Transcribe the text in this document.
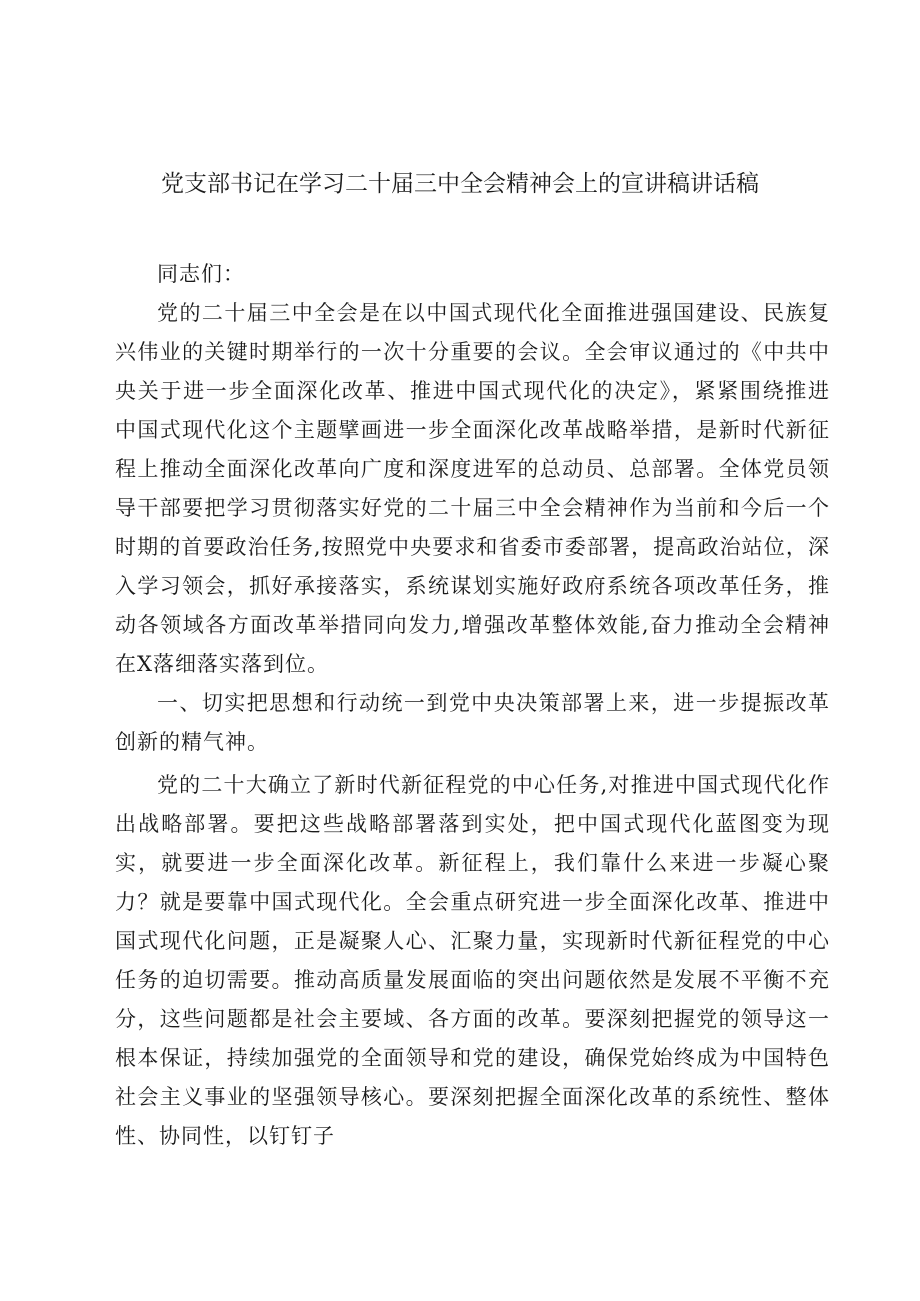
党支部书记在学习二十届三中全会精神会上的宣讲稿讲话稿

同志们：

党的二十届三中全会是在以中国式现代化全面推进强国建设、民族复兴伟业的关键时期举行的一次十分重要的会议。全会审议通过的《中共中央关于进一步全面深化改革、推进中国式现代化的决定》，紧紧围绕推进中国式现代化这个主题擘画进一步全面深化改革战略举措，是新时代新征程上推动全面深化改革向广度和深度进军的总动员、总部署。全体党员领导干部要把学习贯彻落实好党的二十届三中全会精神作为当前和今后一个时期的首要政治任务,按照党中央要求和省委市委部署，提高政治站位，深入学习领会，抓好承接落实，系统谋划实施好政府系统各项改革任务，推动各领域各方面改革举措同向发力,增强改革整体效能,奋力推动全会精神在X落细落实落到位。

一、切实把思想和行动统一到党中央决策部署上来，进一步提振改革创新的精气神。

党的二十大确立了新时代新征程党的中心任务,对推进中国式现代化作出战略部署。要把这些战略部署落到实处，把中国式现代化蓝图变为现实，就要进一步全面深化改革。新征程上，我们靠什么来进一步凝心聚力？就是要靠中国式现代化。全会重点研究进一步全面深化改革、推进中国式现代化问题，正是凝聚人心、汇聚力量，实现新时代新征程党的中心任务的迫切需要。推动高质量发展面临的突出问题依然是发展不平衡不充分，这些问题都是社会主要域、各方面的改革。要深刻把握党的领导这一根本保证，持续加强党的全面领导和党的建设，确保党始终成为中国特色社会主义事业的坚强领导核心。要深刻把握全面深化改革的系统性、整体性、协同性，以钉钉子
